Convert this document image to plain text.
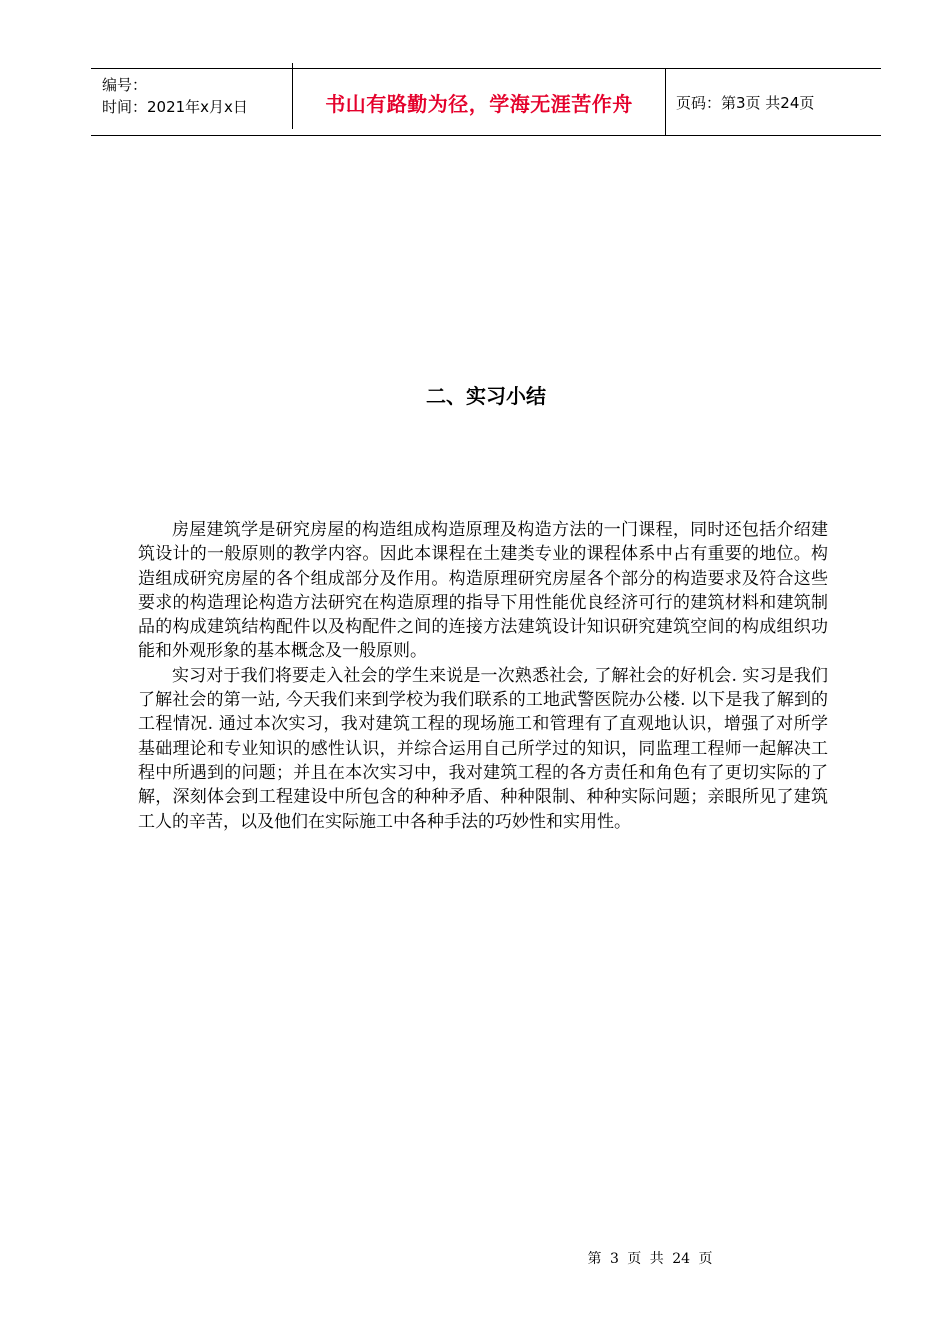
编号：
时间：2021年x月x日	书山有路勤为径，学海无涯苦作舟	页码：第3页 共24页
二、实习小结

房屋建筑学是研究房屋的构造组成构造原理及构造方法的一门课程，同时还包括介绍建筑设计的一般原则的教学内容。因此本课程在土建类专业的课程体系中占有重要的地位。构造组成研究房屋的各个组成部分及作用。构造原理研究房屋各个部分的构造要求及符合这些要求的构造理论构造方法研究在构造原理的指导下用性能优良经济可行的建筑材料和建筑制品的构成建筑结构配件以及构配件之间的连接方法建筑设计知识研究建筑空间的构成组织功能和外观形象的基本概念及一般原则。

实习对于我们将要走入社会的学生来说是一次熟悉社会, 了解社会的好机会. 实习是我们了解社会的第一站, 今天我们来到学校为我们联系的工地武警医院办公楼. 以下是我了解到的工程情况. 通过本次实习，我对建筑工程的现场施工和管理有了直观地认识，增强了对所学基础理论和专业知识的感性认识，并综合运用自己所学过的知识，同监理工程师一起解决工程中所遇到的问题；并且在本次实习中，我对建筑工程的各方责任和角色有了更切实际的了解，深刻体会到工程建设中所包含的种种矛盾、种种限制、种种实际问题；亲眼所见了建筑工人的辛苦，以及他们在实际施工中各种手法的巧妙性和实用性。

第 3 页 共 24 页
